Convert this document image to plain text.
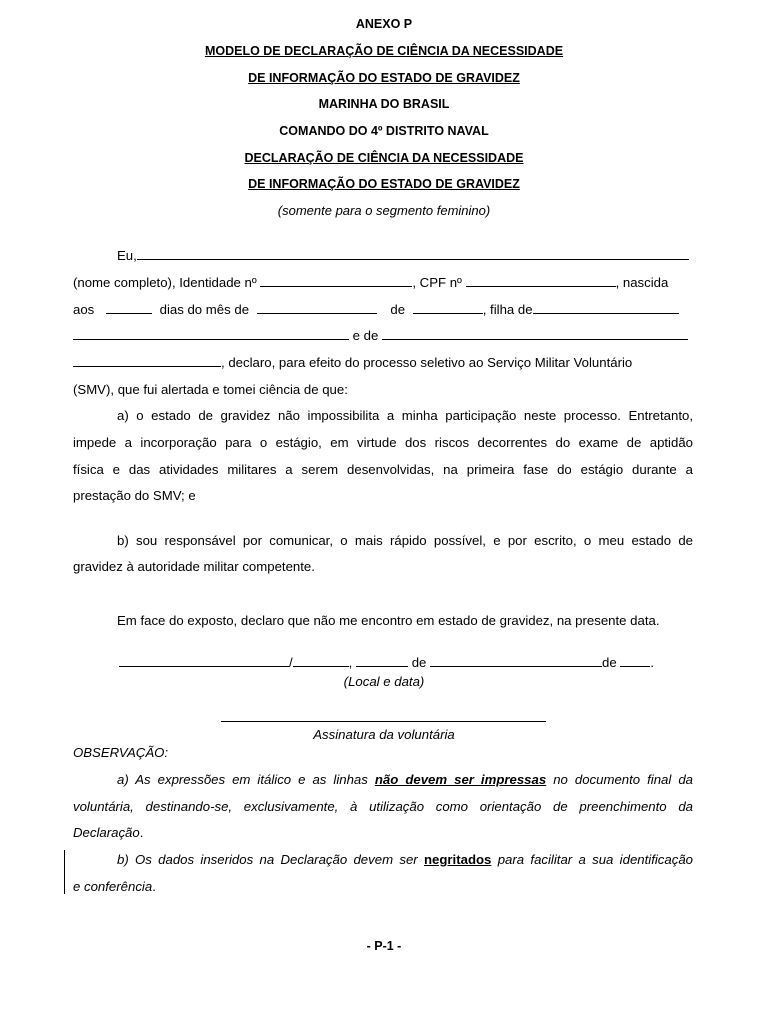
ANEXO P
MODELO DE DECLARAÇÃO DE CIÊNCIA DA NECESSIDADE
DE INFORMAÇÃO DO ESTADO DE GRAVIDEZ
MARINHA DO BRASIL
COMANDO DO 4º DISTRITO NAVAL
DECLARAÇÃO DE CIÊNCIA DA NECESSIDADE
DE INFORMAÇÃO DO ESTADO DE GRAVIDEZ
(somente para o segmento feminino)
Eu,
(nome completo), Identidade nº	, CPF nº	, nascida
aos	dias do mês de	de	, filha de
e de
, declaro, para efeito do processo seletivo ao Serviço Militar Voluntário
(SMV), que fui alertada e tomei ciência de que:
a) o estado de gravidez não impossibilita a minha participação neste processo. Entretanto,
impede a incorporação para o estágio, em virtude dos riscos decorrentes do exame de aptidão
física e das atividades militares a serem desenvolvidas, na primeira fase do estágio durante a
prestação do SMV; e
b) sou responsável por comunicar, o mais rápido possível, e por escrito, o meu estado de
gravidez à autoridade militar competente.
Em face do exposto, declaro que não me encontro em estado de gravidez, na presente data.
/	,	de	de	.
(Local e data)
Assinatura da voluntária
OBSERVAÇÃO:
a) As expressões em itálico e as linhas não devem ser impressas no documento final da
voluntária, destinando-se, exclusivamente, à utilização como orientação de preenchimento da
Declaração.
b) Os dados inseridos na Declaração devem ser negritados para facilitar a sua identificação
e conferência.
- P-1 -
